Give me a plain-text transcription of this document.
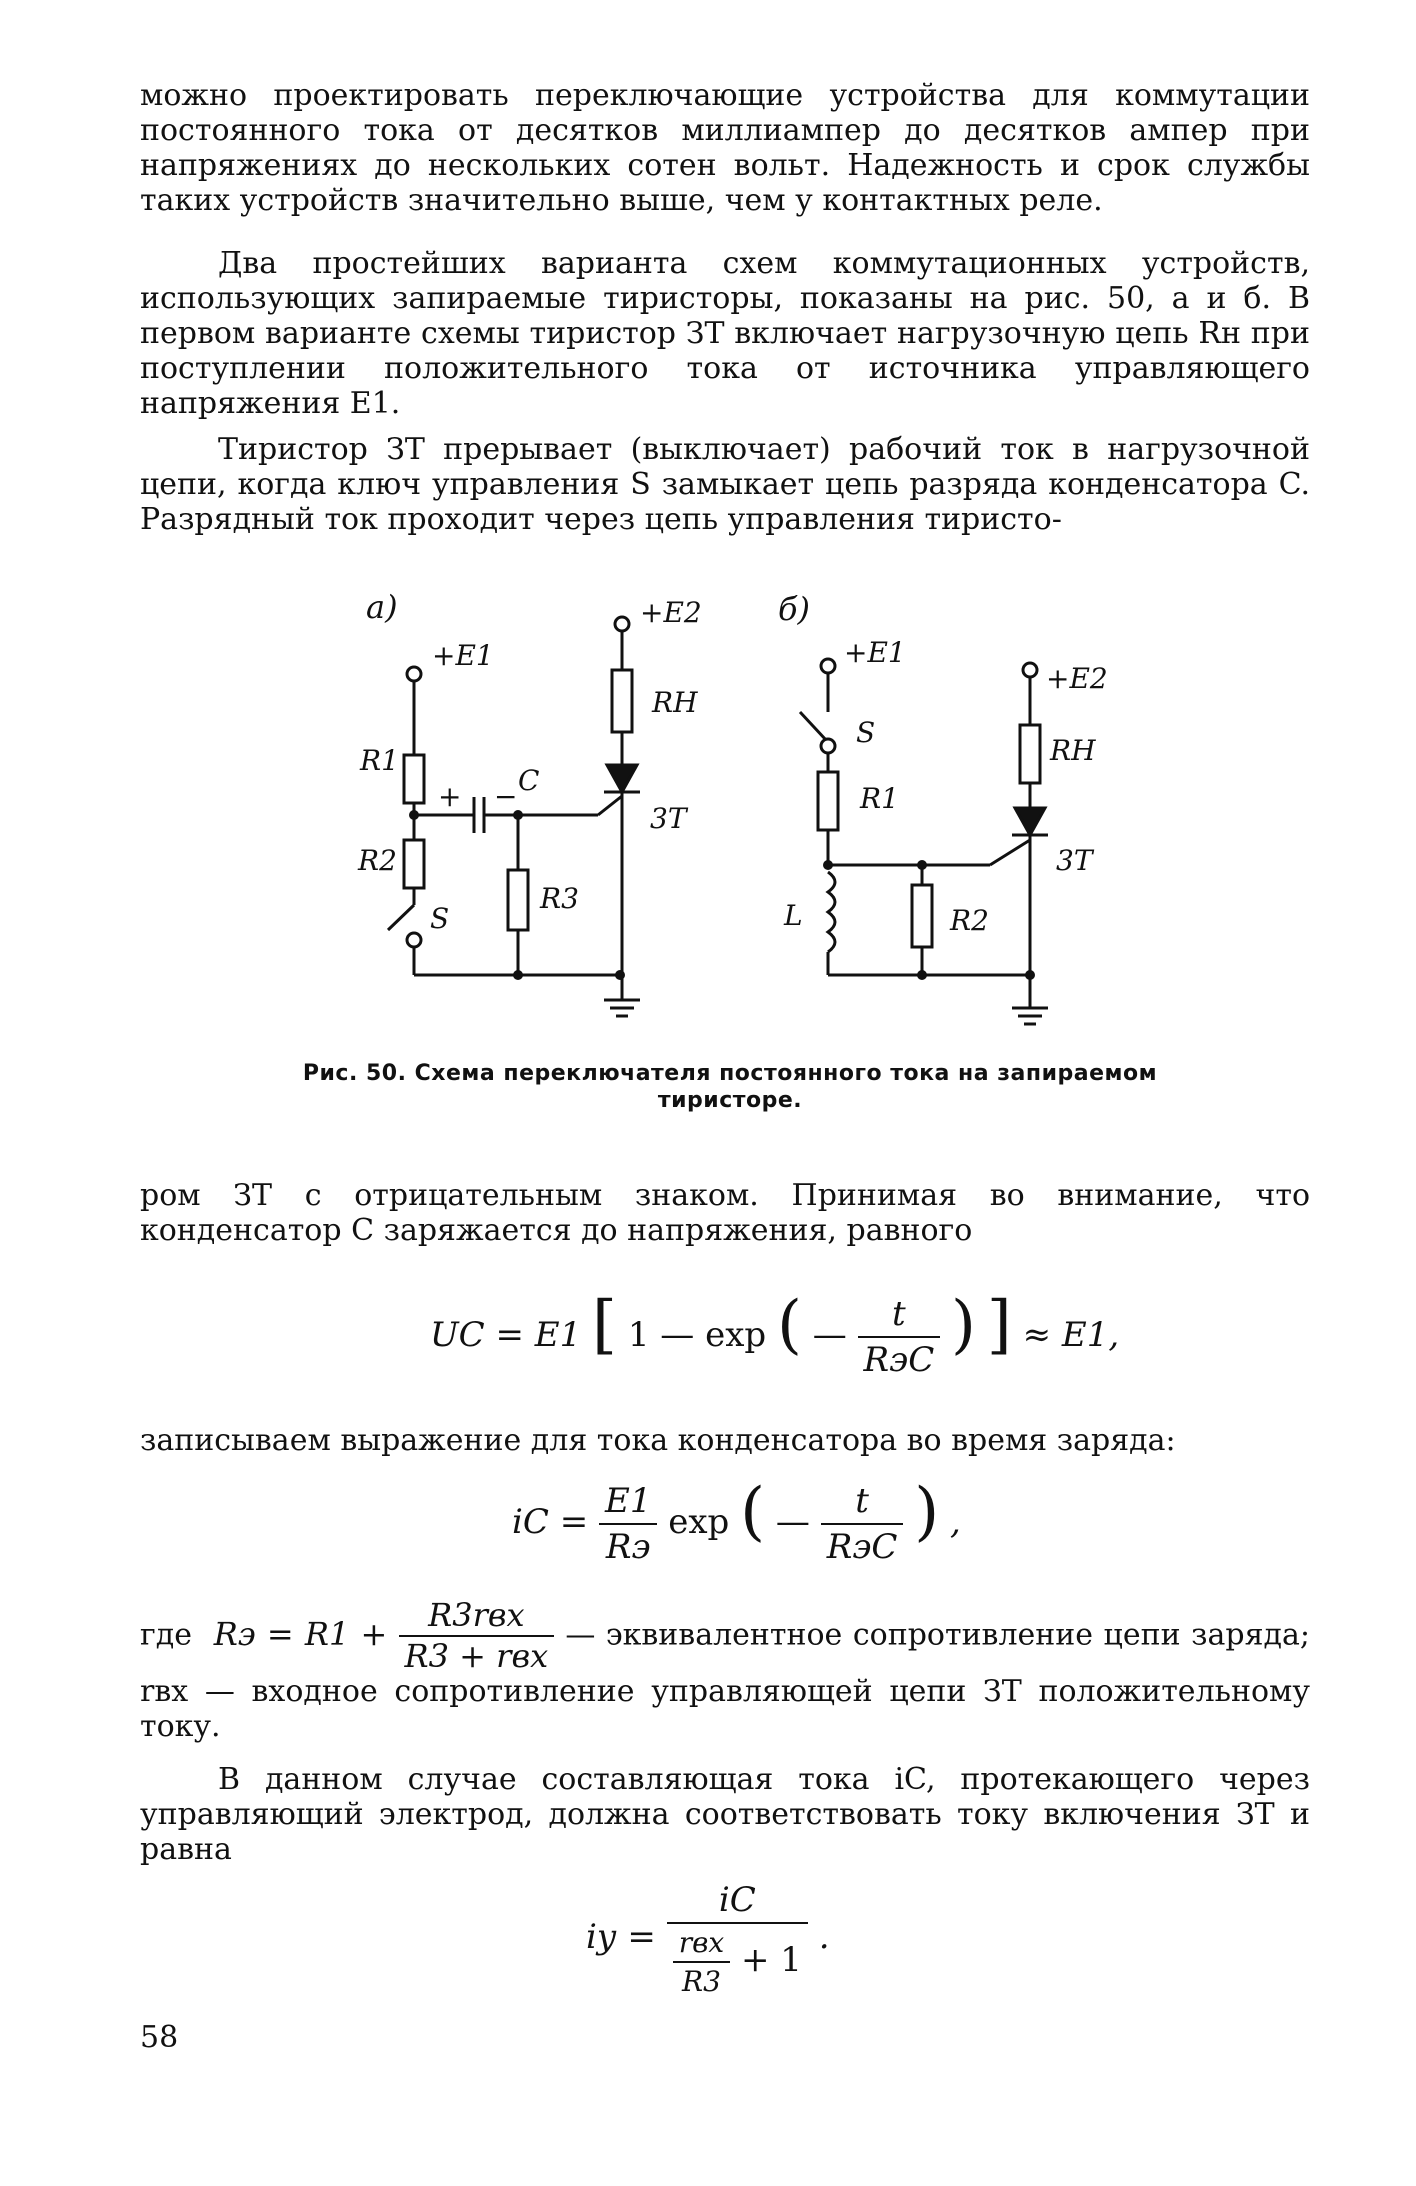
можно проектировать переключающие устройства для коммутации постоянного тока от десятков миллиампер до десятков ампер при напряжениях до нескольких сотен вольт. Надежность и срок службы таких устройств значительно выше, чем у контактных реле.
Два простейших варианта схем коммутационных устройств, использующих запираемые тиристоры, показаны на рис. 50, а и б. В первом варианте схемы тиристор ЗТ включает нагрузочную цепь Rн при поступлении положительного тока от источника управляющего напряжения E1.
Тиристор ЗТ прерывает (выключает) рабочий ток в нагрузочной цепи, когда ключ управления S замыкает цепь разряда конденсатора C. Разрядный ток проходит через цепь управления тиристо-
а)	б)
+E1
+E2
RH
R1
R2
R3
C
+ −
S
3T
+E1
+E2
RH
S
R1
R2
L
3T
Рис. 50. Схема переключателя постоянного тока на запираемом тиристоре.
ром ЗТ с отрицательным знаком. Принимая во внимание, что конденсатор C заряжается до напряжения, равного
UC = E1 [ 1 — exp ( — $\frac{t}{\text{RэC}}$ ) ] ≈ E1,
записываем выражение для тока конденсатора во время заряда:
iC = $\frac{E1}{Rэ}$ exp ( — $\frac{t}{\text{RэC}}$ ) ,
где Rэ = $R1 + \frac{\text{R3rвх}}{\text{R3 + rвх}}$ — эквивалентное сопротивление цепи заряда; rвх — входное сопротивление управляющей цепи ЗТ положительному току.
В данном случае составляющая тока iC, протекающего через управляющий электрод, должна соответствовать току включения ЗТ и равна
iу = $\frac{iC}{\frac{\text{rвх}}{R3} + 1}$ .
58
